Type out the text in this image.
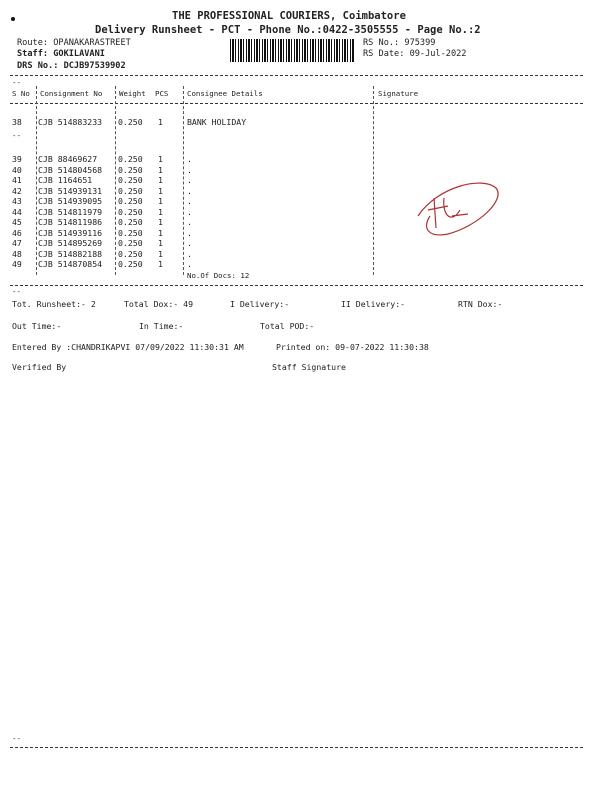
THE PROFESSIONAL COURIERS, Coimbatore
Delivery Runsheet - PCT - Phone No.:0422-3505555 - Page No.:2
Route: OPANAKARASTREET
Staff: GOKILAVANI
DRS No.: DCJB97539902
RS No.: 975399
RS Date: 09-Jul-2022
--
--
S No Consignment No Weight PCS	Consignee Details	Signature
38 CJB 514883233 0.250 1	BANK HOLIDAY
39 CJB 88469627	0.250 1	.
40 CJB 514804568 0.250 1	.
41 CJB 1164651	0.250 1	.
42 CJB 514939131 0.250 1	.
43 CJB 514939095 0.250 1	.
44 CJB 514811979 0.250 1	.
45 CJB 514811986 0.250 1	.
46 CJB 514939116 0.250 1	.
47 CJB 514895269 0.250 1	.
48 CJB 514882188 0.250 1	.
49 CJB 514870854 0.250 1	.
No.Of Docs: 12
--
Tot. Runsheet:- 2	Total Dox:- 49	I Delivery:-	II Delivery:-	RTN Dox:-
Out Time:-	In Time:-	Total POD:-
Entered By :CHANDRIKAPVI 07/09/2022 11:30:31 AM	Printed on: 09-07-2022 11:30:38
Verified By	Staff Signature
--
